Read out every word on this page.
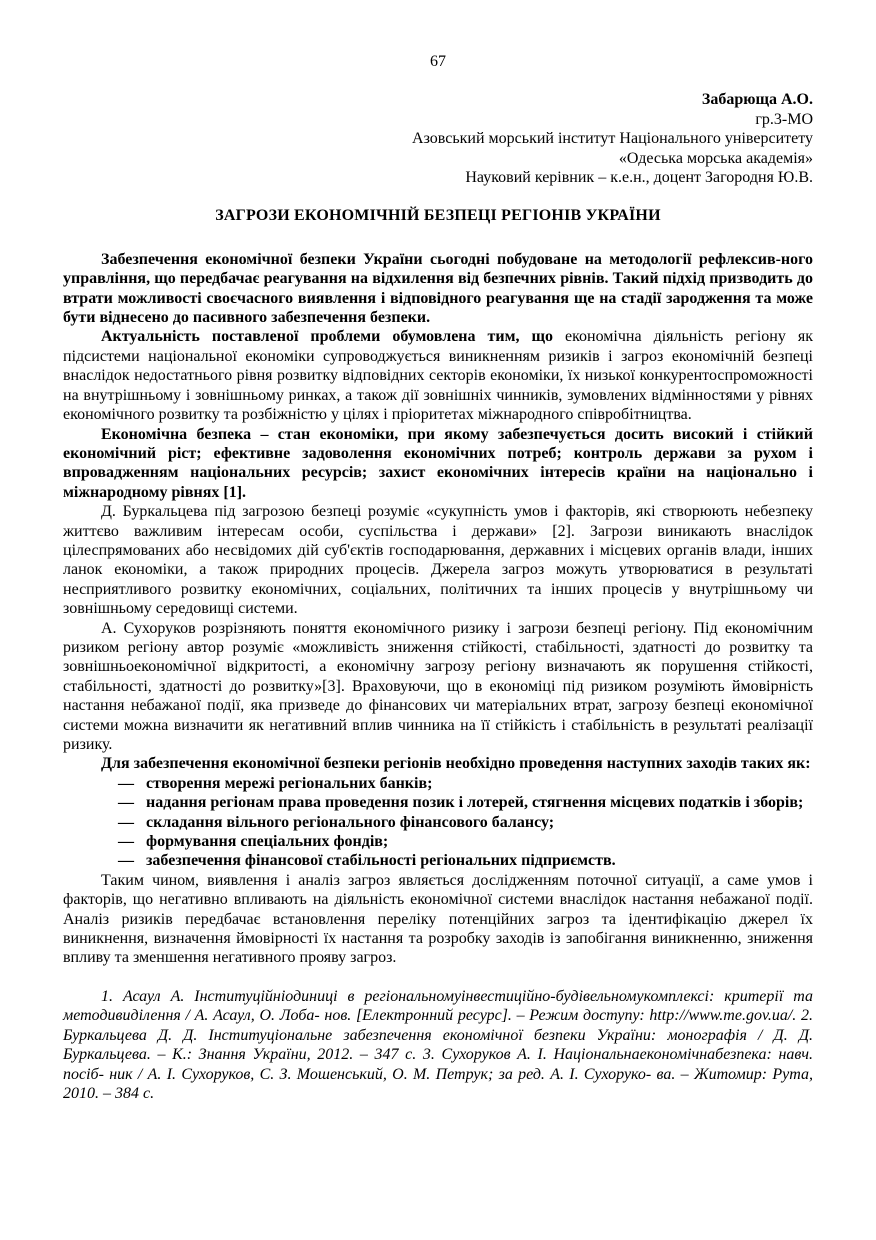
67
Забарюща А.О.
гр.3-МО
Азовський морський інститут Національного університету
«Одеська морська академія»
Науковий керівник – к.е.н., доцент Загородня Ю.В.
ЗАГРОЗИ ЕКОНОМІЧНІЙ БЕЗПЕЦІ РЕГІОНІВ УКРАЇНИ

Забезпечення економічної безпеки України сьогодні побудоване на методології рефлексив-ного управління, що передбачає реагування на відхилення від безпечних рівнів. Такий підхід призводить до втрати можливості своєчасного виявлення і відповідного реагування ще на стадії зародження та може бути віднесено до пасивного забезпечення безпеки.

Актуальність поставленої проблеми обумовлена тим, що економічна діяльність регіону як підсистеми національної економіки супроводжується виникненням ризиків і загроз економічній безпеці внаслідок недостатнього рівня розвитку відповідних секторів економіки, їх низької конкурентоспроможності на внутрішньому і зовнішньому ринках, а також дії зовнішніх чинників, зумовлених відмінностями у рівнях економічного розвитку та розбіжністю у цілях і пріоритетах міжнародного співробітництва.

Економічна безпека – стан економіки, при якому забезпечується досить високий і стійкий економічний ріст; ефективне задоволення економічних потреб; контроль держави за рухом і впровадженням національних ресурсів; захист економічних інтересів країни на національно і міжнародному рівнях [1].

Д. Буркальцева під загрозою безпеці розуміє «сукупність умов і факторів, які створюють небезпеку життєво важливим інтересам особи, суспільства і держави» [2]. Загрози виникають внаслідок цілеспрямованих або несвідомих дій суб'єктів господарювання, державних і місцевих органів влади, інших ланок економіки, а також природних процесів. Джерела загроз можуть утворюватися в результаті несприятливого розвитку економічних, соціальних, політичних та інших процесів у внутрішньому чи зовнішньому середовищі системи.

А. Сухоруков розрізняють поняття економічного ризику і загрози безпеці регіону. Під економічним ризиком регіону автор розуміє «можливість зниження стійкості, стабільності, здатності до розвитку та зовнішньоекономічної відкритості, а економічну загрозу регіону визначають як порушення стійкості, стабільності, здатності до розвитку»[3]. Враховуючи, що в економіці під ризиком розуміють ймовірність настання небажаної події, яка призведе до фінансових чи матеріальних втрат, загрозу безпеці економічної системи можна визначити як негативний вплив чинника на її стійкість і стабільність в результаті реалізації ризику.

Для забезпечення економічної безпеки регіонів необхідно проведення наступних заходів таких як:

— створення мережі регіональних банків;
— надання регіонам права проведення позик і лотерей, стягнення місцевих податків і зборів;
— складання вільного регіонального фінансового балансу;
— формування спеціальних фондів;
— забезпечення фінансової стабільності регіональних підприємств.

Таким чином, виявлення і аналіз загроз являється дослідженням поточної ситуації, а саме умов і факторів, що негативно впливають на діяльність економічної системи внаслідок настання небажаної події. Аналіз ризиків передбачає встановлення переліку потенційних загроз та ідентифікацію джерел їх виникнення, визначення ймовірності їх настання та розробку заходів із запобігання виникненню, зниження впливу та зменшення негативного прояву загроз.

1. Асаул А. Інституційніодиниці в регіональномуінвестиційно-будівельномукомплексі: критерії та методивиділення / А. Асаул, О. Лоба- нов. [Електронний ресурс]. – Режим доступу: http://www.me.gov.ua/. 2. Буркальцева Д. Д. Інституціональне забезпечення економічної безпеки України: монографія / Д. Д. Буркальцева. – К.: Знання України, 2012. – 347 с. 3. Сухоруков А. І. Національнаекономічнабезпека: навч. посіб- ник / А. І. Сухоруков, С. З. Мошенський, О. М. Петрук; за ред. А. І. Сухоруко- ва. – Житомир: Рута, 2010. – 384 с.
